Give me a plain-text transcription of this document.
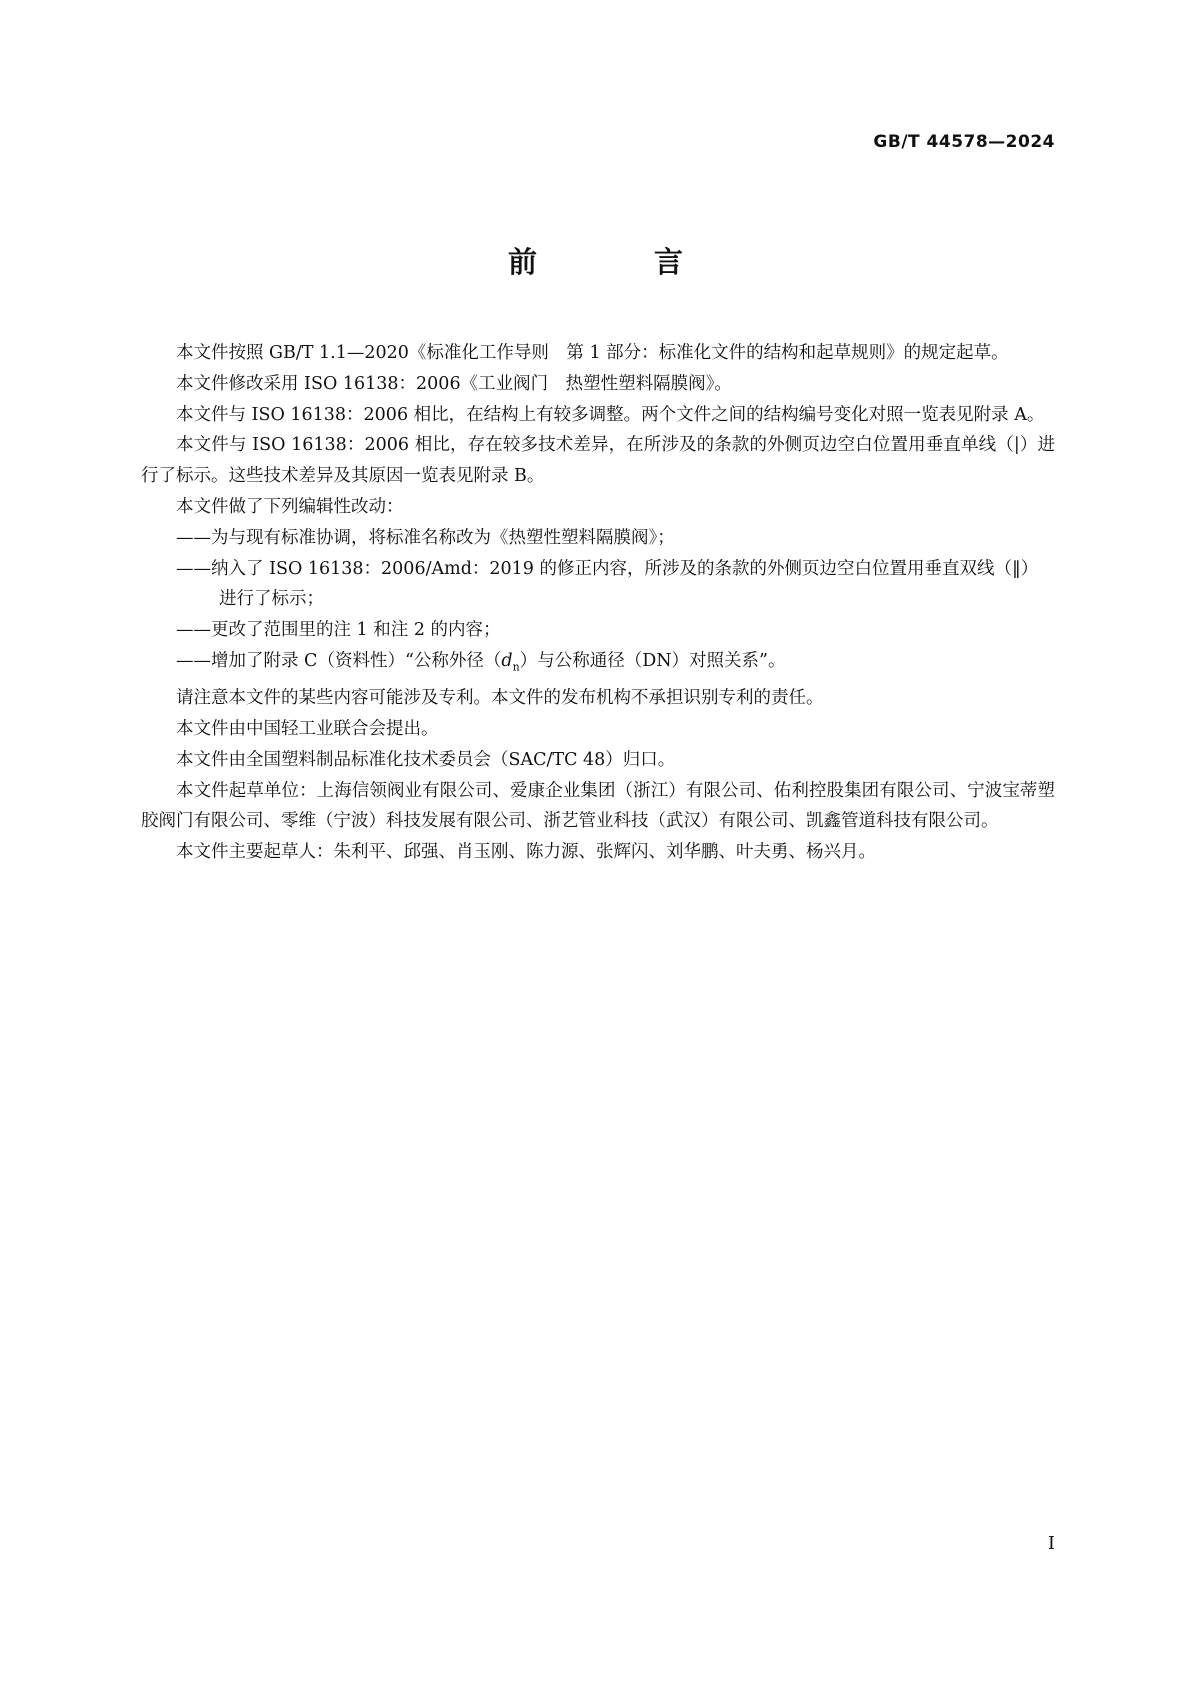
GB/T 44578—2024
前　言

本文件按照 GB/T 1.1—2020《标准化工作导则　第 1 部分：标准化文件的结构和起草规则》的规定起草。

本文件修改采用 ISO 16138：2006《工业阀门　热塑性塑料隔膜阀》。

本文件与 ISO 16138：2006 相比，在结构上有较多调整。两个文件之间的结构编号变化对照一览表见附录 A。

本文件与 ISO 16138：2006 相比，存在较多技术差异，在所涉及的条款的外侧页边空白位置用垂直单线（|）进行了标示。这些技术差异及其原因一览表见附录 B。

本文件做了下列编辑性改动：

——为与现有标准协调，将标准名称改为《热塑性塑料隔膜阀》；
——纳入了 ISO 16138：2006/Amd：2019 的修正内容，所涉及的条款的外侧页边空白位置用垂直双线（‖）进行了标示；
——更改了范围里的注 1 和注 2 的内容；
——增加了附录 C（资料性）“公称外径$(d_n)$与公称通径（DN）对照关系”。

请注意本文件的某些内容可能涉及专利。本文件的发布机构不承担识别专利的责任。

本文件由中国轻工业联合会提出。

本文件由全国塑料制品标准化技术委员会（SAC/TC 48）归口。

本文件起草单位：上海信领阀业有限公司、爱康企业集团（浙江）有限公司、佑利控股集团有限公司、宁波宝蒂塑胶阀门有限公司、零维（宁波）科技发展有限公司、浙艺管业科技（武汉）有限公司、凯鑫管道科技有限公司。

本文件主要起草人：朱利平、邱强、肖玉刚、陈力源、张辉闪、刘华鹏、叶夫勇、杨兴月。

I
